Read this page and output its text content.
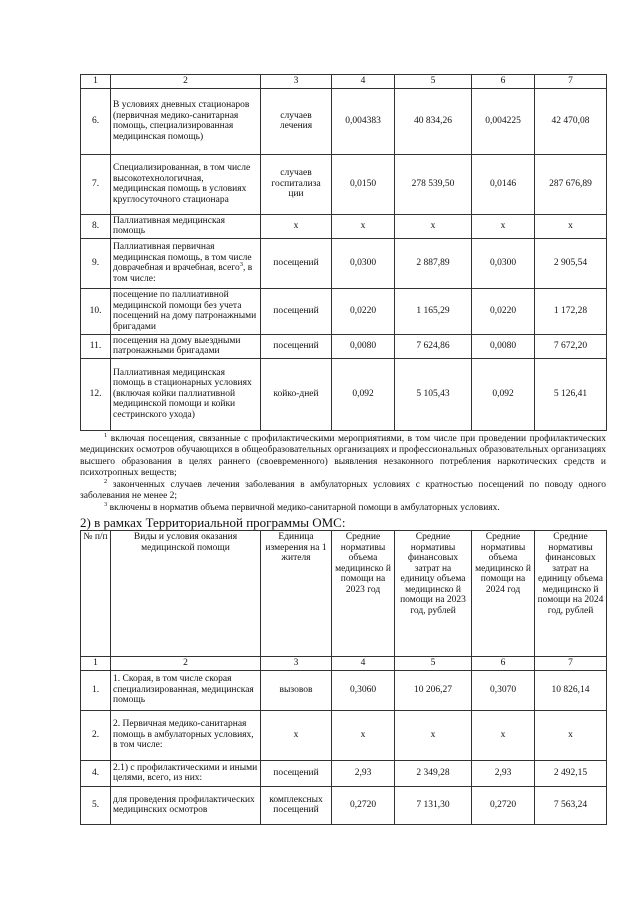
1	2	3	4	5	6	7
6.	В условиях дневных стационаров (первичная медико-санитарная помощь, специализированная медицинская помощь)	случаев лечения	0,004383	40 834,26	0,004225	42 470,08
7.	Специализированная, в том числе высокотехнологичная, медицинская помощь в условиях круглосуточного стационара	случаев госпитализа ции	0,0150	278 539,50	0,0146	287 676,89
8.	Паллиативная медицинская помощь	х	х	х	х	х
9.	Паллиативная первичная медицинская помощь, в том числе доврачебная и врачебная, всего$^3$, в том числе:	посещений	0,0300	2 887,89	0,0300	2 905,54
10.	посещение по паллиативной медицинской помощи без учета посещений на дому патронажными бригадами	посещений	0,0220	1 165,29	0,0220	1 172,28
11.	посещения на дому выездными патронажными бригадами	посещений	0,0080	7 624,86	0,0080	7 672,20
12.	Паллиативная медицинская помощь в стационарных условиях (включая койки паллиативной медицинской помощи и койки сестринского ухода)	койко-дней	0,092	5 105,43	0,092	5 126,41

$^1$ включая посещения, связанные с профилактическими мероприятиями, в том числе при проведении профилактических медицинских осмотров обучающихся в общеобразовательных организациях и профессиональных образовательных организациях высшего образования в целях раннего (своевременного) выявления незаконного потребления наркотических средств и психотропных веществ;

$^2$ законченных случаев лечения заболевания в амбулаторных условиях с кратностью посещений по поводу одного заболевания не менее 2;

$^3$ включены в норматив объема первичной медико-санитарной помощи в амбулаторных условиях.

2) в рамках Территориальной программы ОМС:
№ п/п	Виды и условия оказания медицинской помощи	Единица измерения на 1 жителя	Средние нормативы объема медицинско й помощи на 2023 год	Средние нормативы финансовых затрат на единицу объема медицинско й помощи на 2023 год, рублей	Средние нормативы объема медицинско й помощи на 2024 год	Средние нормативы финансовых затрат на единицу объема медицинско й помощи на 2024 год, рублей
1	2	3	4	5	6	7
1.	1. Скорая, в том числе скорая специализированная, медицинская помощь	вызовов	0,3060	10 206,27	0,3070	10 826,14
2.	2. Первичная медико-санитарная помощь в амбулаторных условиях, в том числе:	х	х	х	х	х
4.	2.1) с профилактическими и иными целями, всего, из них:	посещений	2,93	2 349,28	2,93	2 492,15
5.	для проведения профилактических медицинских осмотров	комплексных посещений	0,2720	7 131,30	0,2720	7 563,24
